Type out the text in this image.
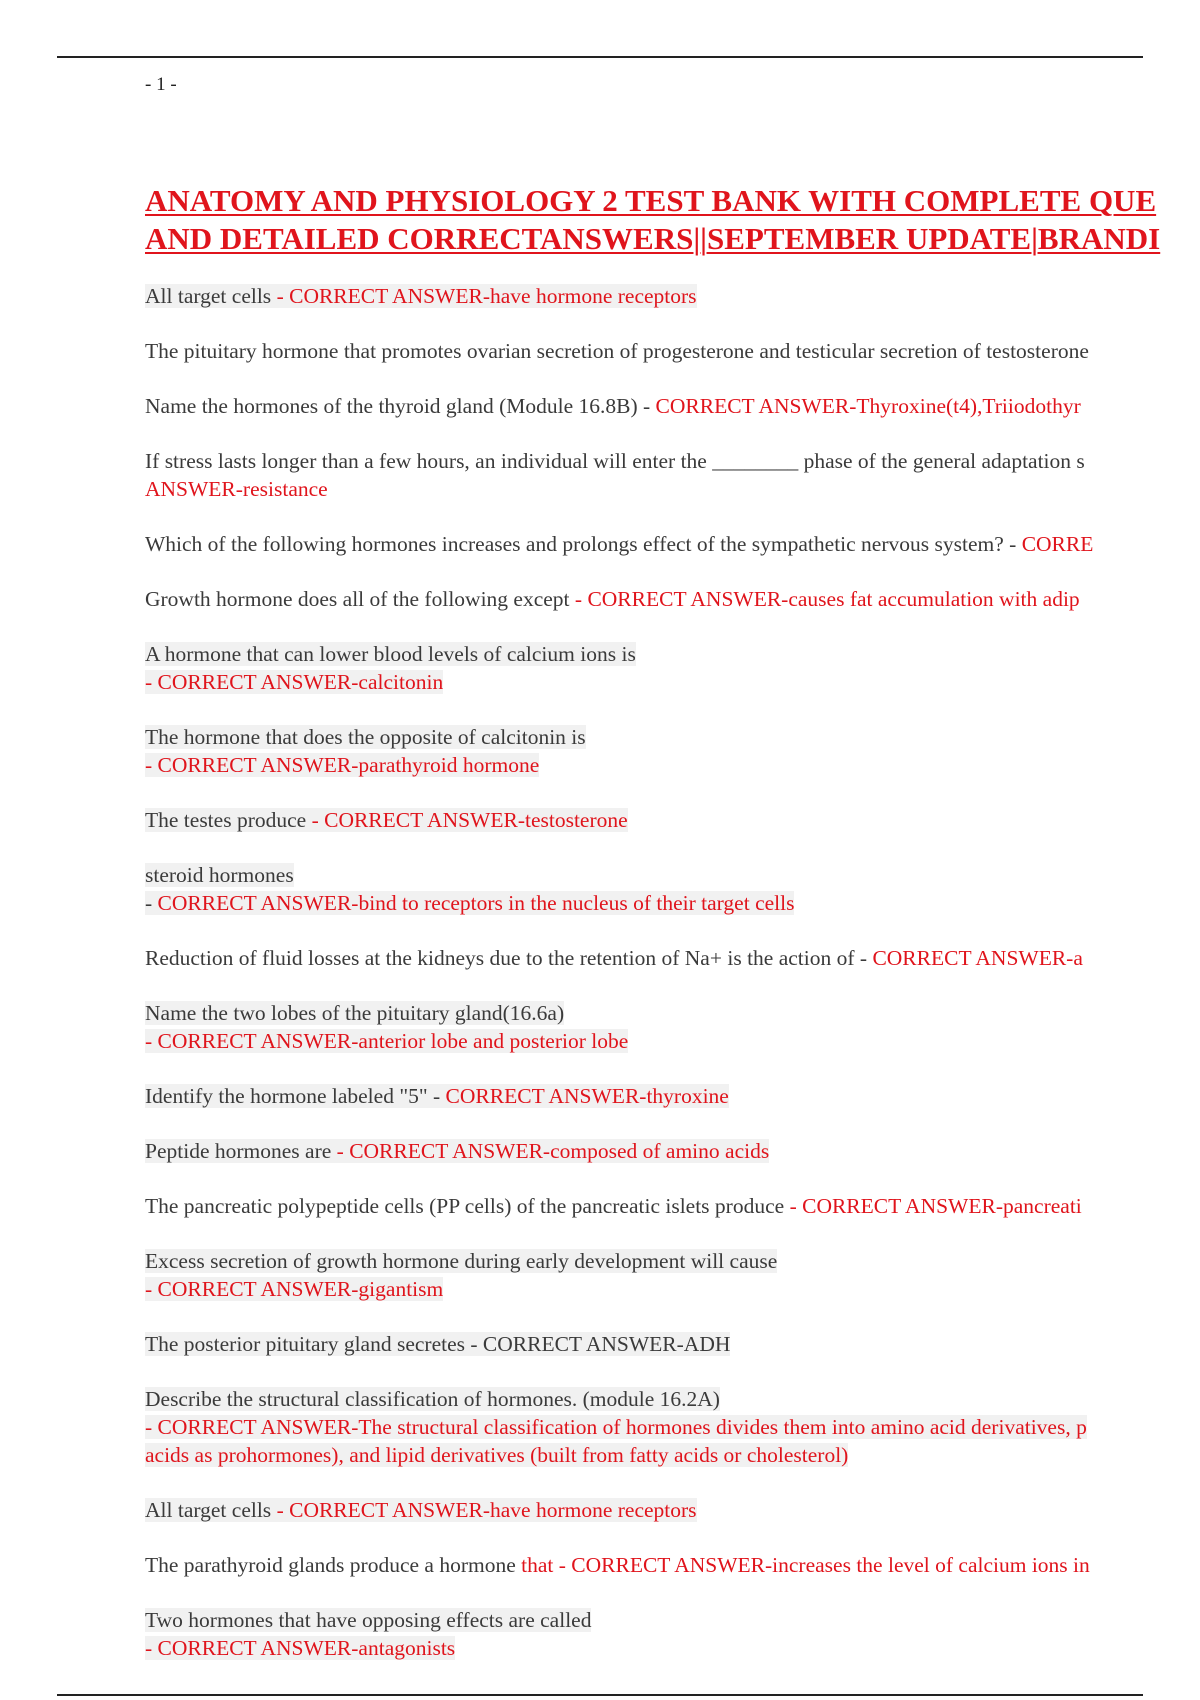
- 1 -
ANATOMY AND PHYSIOLOGY 2 TEST BANK WITH COMPLETE QUE
AND DETAILED CORRECTANSWERS||SEPTEMBER UPDATE|BRANDI
All target cells - CORRECT ANSWER-have hormone receptors
The pituitary hormone that promotes ovarian secretion of progesterone and testicular secretion of testosterone
Name the hormones of the thyroid gland (Module 16.8B) - CORRECT ANSWER-Thyroxine(t4),Triiodothyr
If stress lasts longer than a few hours, an individual will enter the ________ phase of the general adaptation s
ANSWER-resistance
Which of the following hormones increases and prolongs effect of the sympathetic nervous system? - CORRE
Growth hormone does all of the following except - CORRECT ANSWER-causes fat accumulation with adip
A hormone that can lower blood levels of calcium ions is
- CORRECT ANSWER-calcitonin
The hormone that does the opposite of calcitonin is
- CORRECT ANSWER-parathyroid hormone
The testes produce - CORRECT ANSWER-testosterone
steroid hormones
- CORRECT ANSWER-bind to receptors in the nucleus of their target cells
Reduction of fluid losses at the kidneys due to the retention of Na+ is the action of - CORRECT ANSWER-a
Name the two lobes of the pituitary gland(16.6a)
- CORRECT ANSWER-anterior lobe and posterior lobe
Identify the hormone labeled "5" - CORRECT ANSWER-thyroxine
Peptide hormones are - CORRECT ANSWER-composed of amino acids
The pancreatic polypeptide cells (PP cells) of the pancreatic islets produce - CORRECT ANSWER-pancreati
Excess secretion of growth hormone during early development will cause
- CORRECT ANSWER-gigantism
The posterior pituitary gland secretes - CORRECT ANSWER-ADH
Describe the structural classification of hormones. (module 16.2A)
- CORRECT ANSWER-The structural classification of hormones divides them into amino acid derivatives, p
acids as prohormones), and lipid derivatives (built from fatty acids or cholesterol)
All target cells - CORRECT ANSWER-have hormone receptors
The parathyroid glands produce a hormone that - CORRECT ANSWER-increases the level of calcium ions in
Two hormones that have opposing effects are called
- CORRECT ANSWER-antagonists
